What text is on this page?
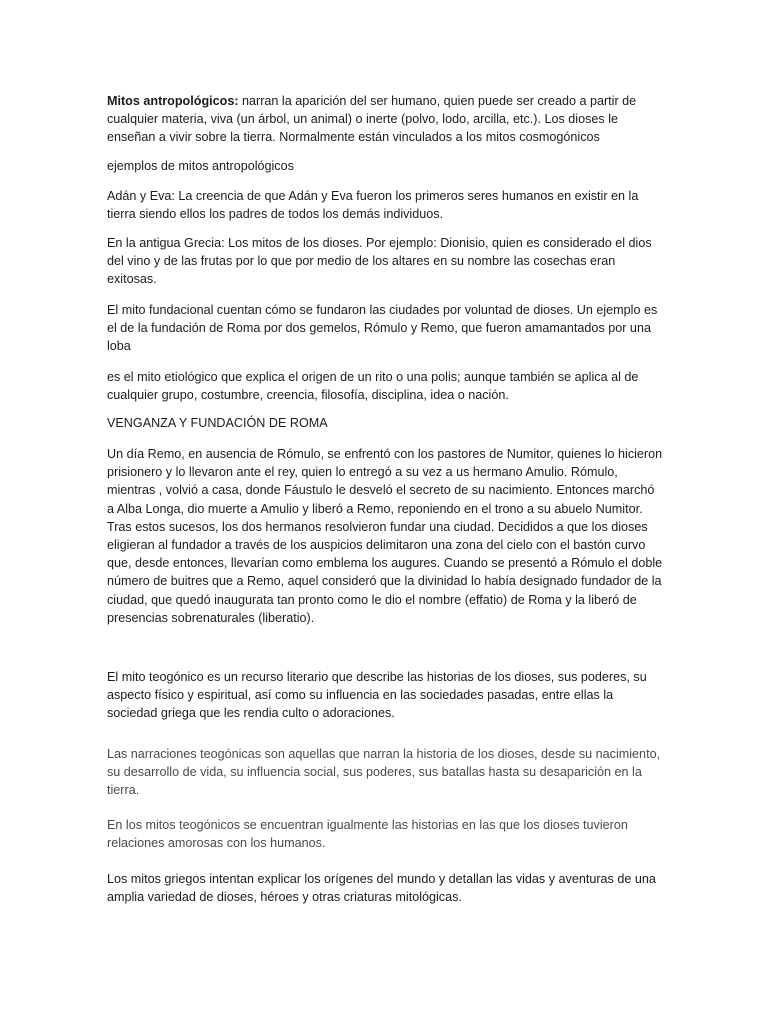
Mitos antropológicos: narran la aparición del ser humano, quien puede ser creado a partir de cualquier materia, viva (un árbol, un animal) o inerte (polvo, lodo, arcilla, etc.). Los dioses le enseñan a vivir sobre la tierra. Normalmente están vinculados a los mitos cosmogónicos

ejemplos de mitos antropológicos

Adán y Eva: La creencia de que Adán y Eva fueron los primeros seres humanos en existir en la tierra siendo ellos los padres de todos los demás individuos.

En la antigua Grecia: Los mitos de los dioses. Por ejemplo: Dionisio, quien es considerado el dios del vino y de las frutas por lo que por medio de los altares en su nombre las cosechas eran exitosas.

El mito fundacional cuentan cómo se fundaron las ciudades por voluntad de dioses. Un ejemplo es el de la fundación de Roma por dos gemelos, Rómulo y Remo, que fueron amamantados por una loba

es el mito etiológico que explica el origen de un rito o una polis; aunque también se aplica al de cualquier grupo, costumbre, creencia, filosofía, disciplina, idea o nación.

VENGANZA Y FUNDACIÓN DE ROMA

Un día Remo, en ausencia de Rómulo, se enfrentó con los pastores de Numitor, quienes lo hicieron prisionero y lo llevaron ante el rey, quien lo entregó a su vez a us hermano Amulio. Rómulo, mientras , volvió a casa, donde Fáustulo le desveló el secreto de su nacimiento. Entonces marchó a Alba Longa, dio muerte a Amulio y liberó a Remo, reponiendo en el trono a su abuelo Numitor. Tras estos sucesos, los dos hermanos resolvieron fundar una ciudad. Decididos a que los dioses eligieran al fundador a través de los auspicios delimitaron una zona del cielo con el bastón curvo que, desde entonces, llevarían como emblema los augures. Cuando se presentó a Rómulo el doble número de buitres que a Remo, aquel consideró que la divinidad lo había designado fundador de la ciudad, que quedó inaugurata tan pronto como le dio el nombre (effatio) de Roma y la liberó de presencias sobrenaturales (liberatio).

El mito teogónico es un recurso literario que describe las historias de los dioses, sus poderes, su aspecto físico y espiritual, así como su influencia en las sociedades pasadas, entre ellas la sociedad griega que les rendia culto o adoraciones.

Las narraciones teogónicas son aquellas que narran la historia de los dioses, desde su nacimiento, su desarrollo de vida, su influencia social, sus poderes, sus batallas hasta su desaparición en la tierra.

En los mitos teogónicos se encuentran igualmente las historias en las que los dioses tuvieron relaciones amorosas con los humanos.

Los mitos griegos intentan explicar los orígenes del mundo y detallan las vidas y aventuras de una amplia variedad de dioses, héroes y otras criaturas mitológicas.
